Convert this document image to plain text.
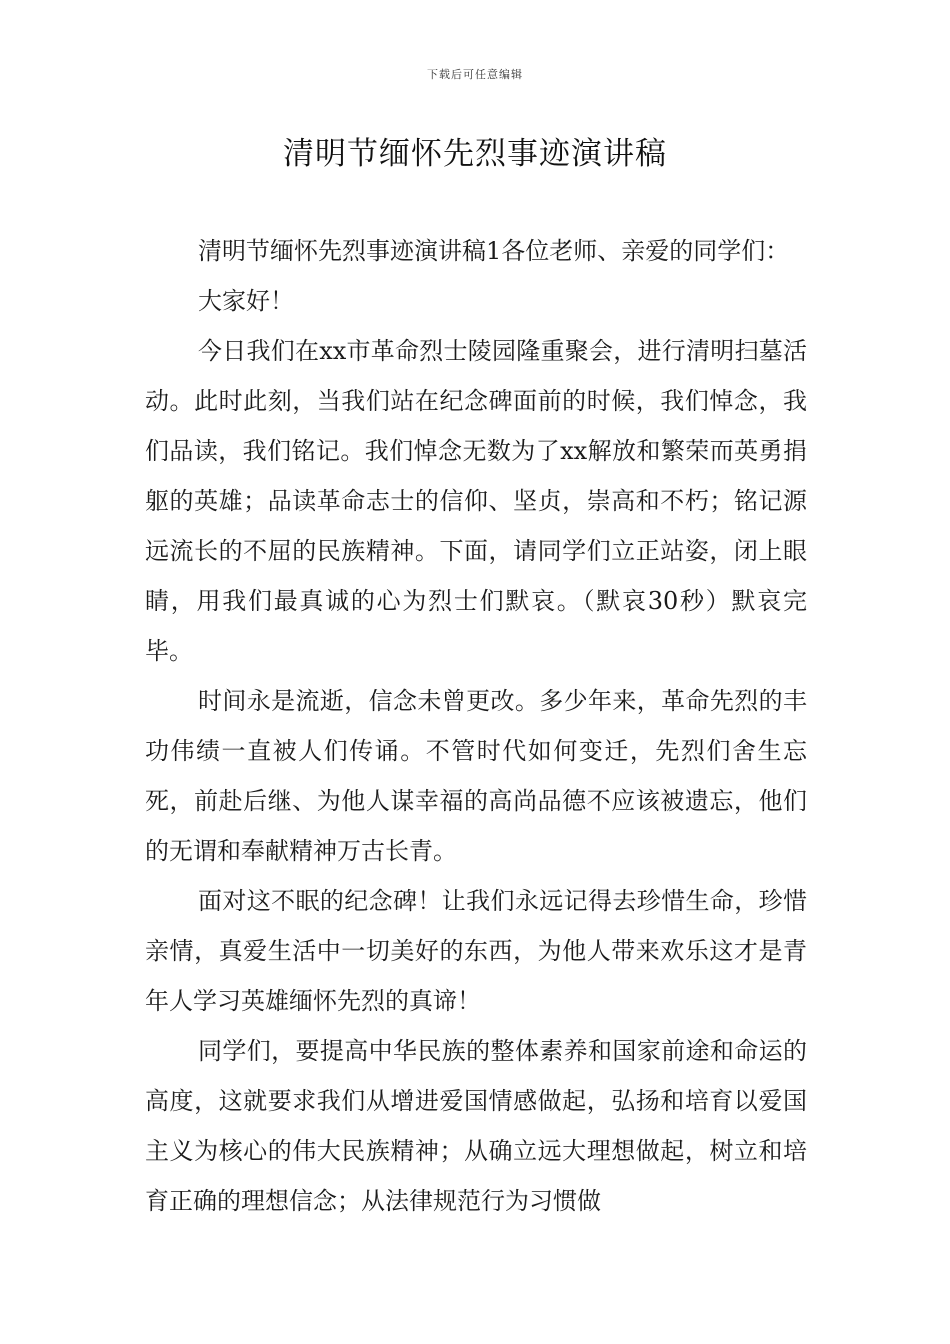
下载后可任意编辑
清明节缅怀先烈事迹演讲稿

清明节缅怀先烈事迹演讲稿1各位老师、亲爱的同学们：

大家好！

今日我们在xx市革命烈士陵园隆重聚会，进行清明扫墓活动。此时此刻，当我们站在纪念碑面前的时候，我们悼念，我们品读，我们铭记。我们悼念无数为了xx解放和繁荣而英勇捐躯的英雄；品读革命志士的信仰、坚贞，崇高和不朽；铭记源远流长的不屈的民族精神。下面，请同学们立正站姿，闭上眼睛，用我们最真诚的心为烈士们默哀。（默哀30秒）默哀完毕。

时间永是流逝，信念未曾更改。多少年来，革命先烈的丰功伟绩一直被人们传诵。不管时代如何变迁，先烈们舍生忘死，前赴后继、为他人谋幸福的高尚品德不应该被遗忘，他们的无谓和奉献精神万古长青。

面对这不眠的纪念碑！让我们永远记得去珍惜生命，珍惜亲情，真爱生活中一切美好的东西，为他人带来欢乐这才是青年人学习英雄缅怀先烈的真谛！

同学们，要提高中华民族的整体素养和国家前途和命运的高度，这就要求我们从增进爱国情感做起，弘扬和培育以爱国主义为核心的伟大民族精神；从确立远大理想做起，树立和培育正确的理想信念；从法律规范行为习惯做
